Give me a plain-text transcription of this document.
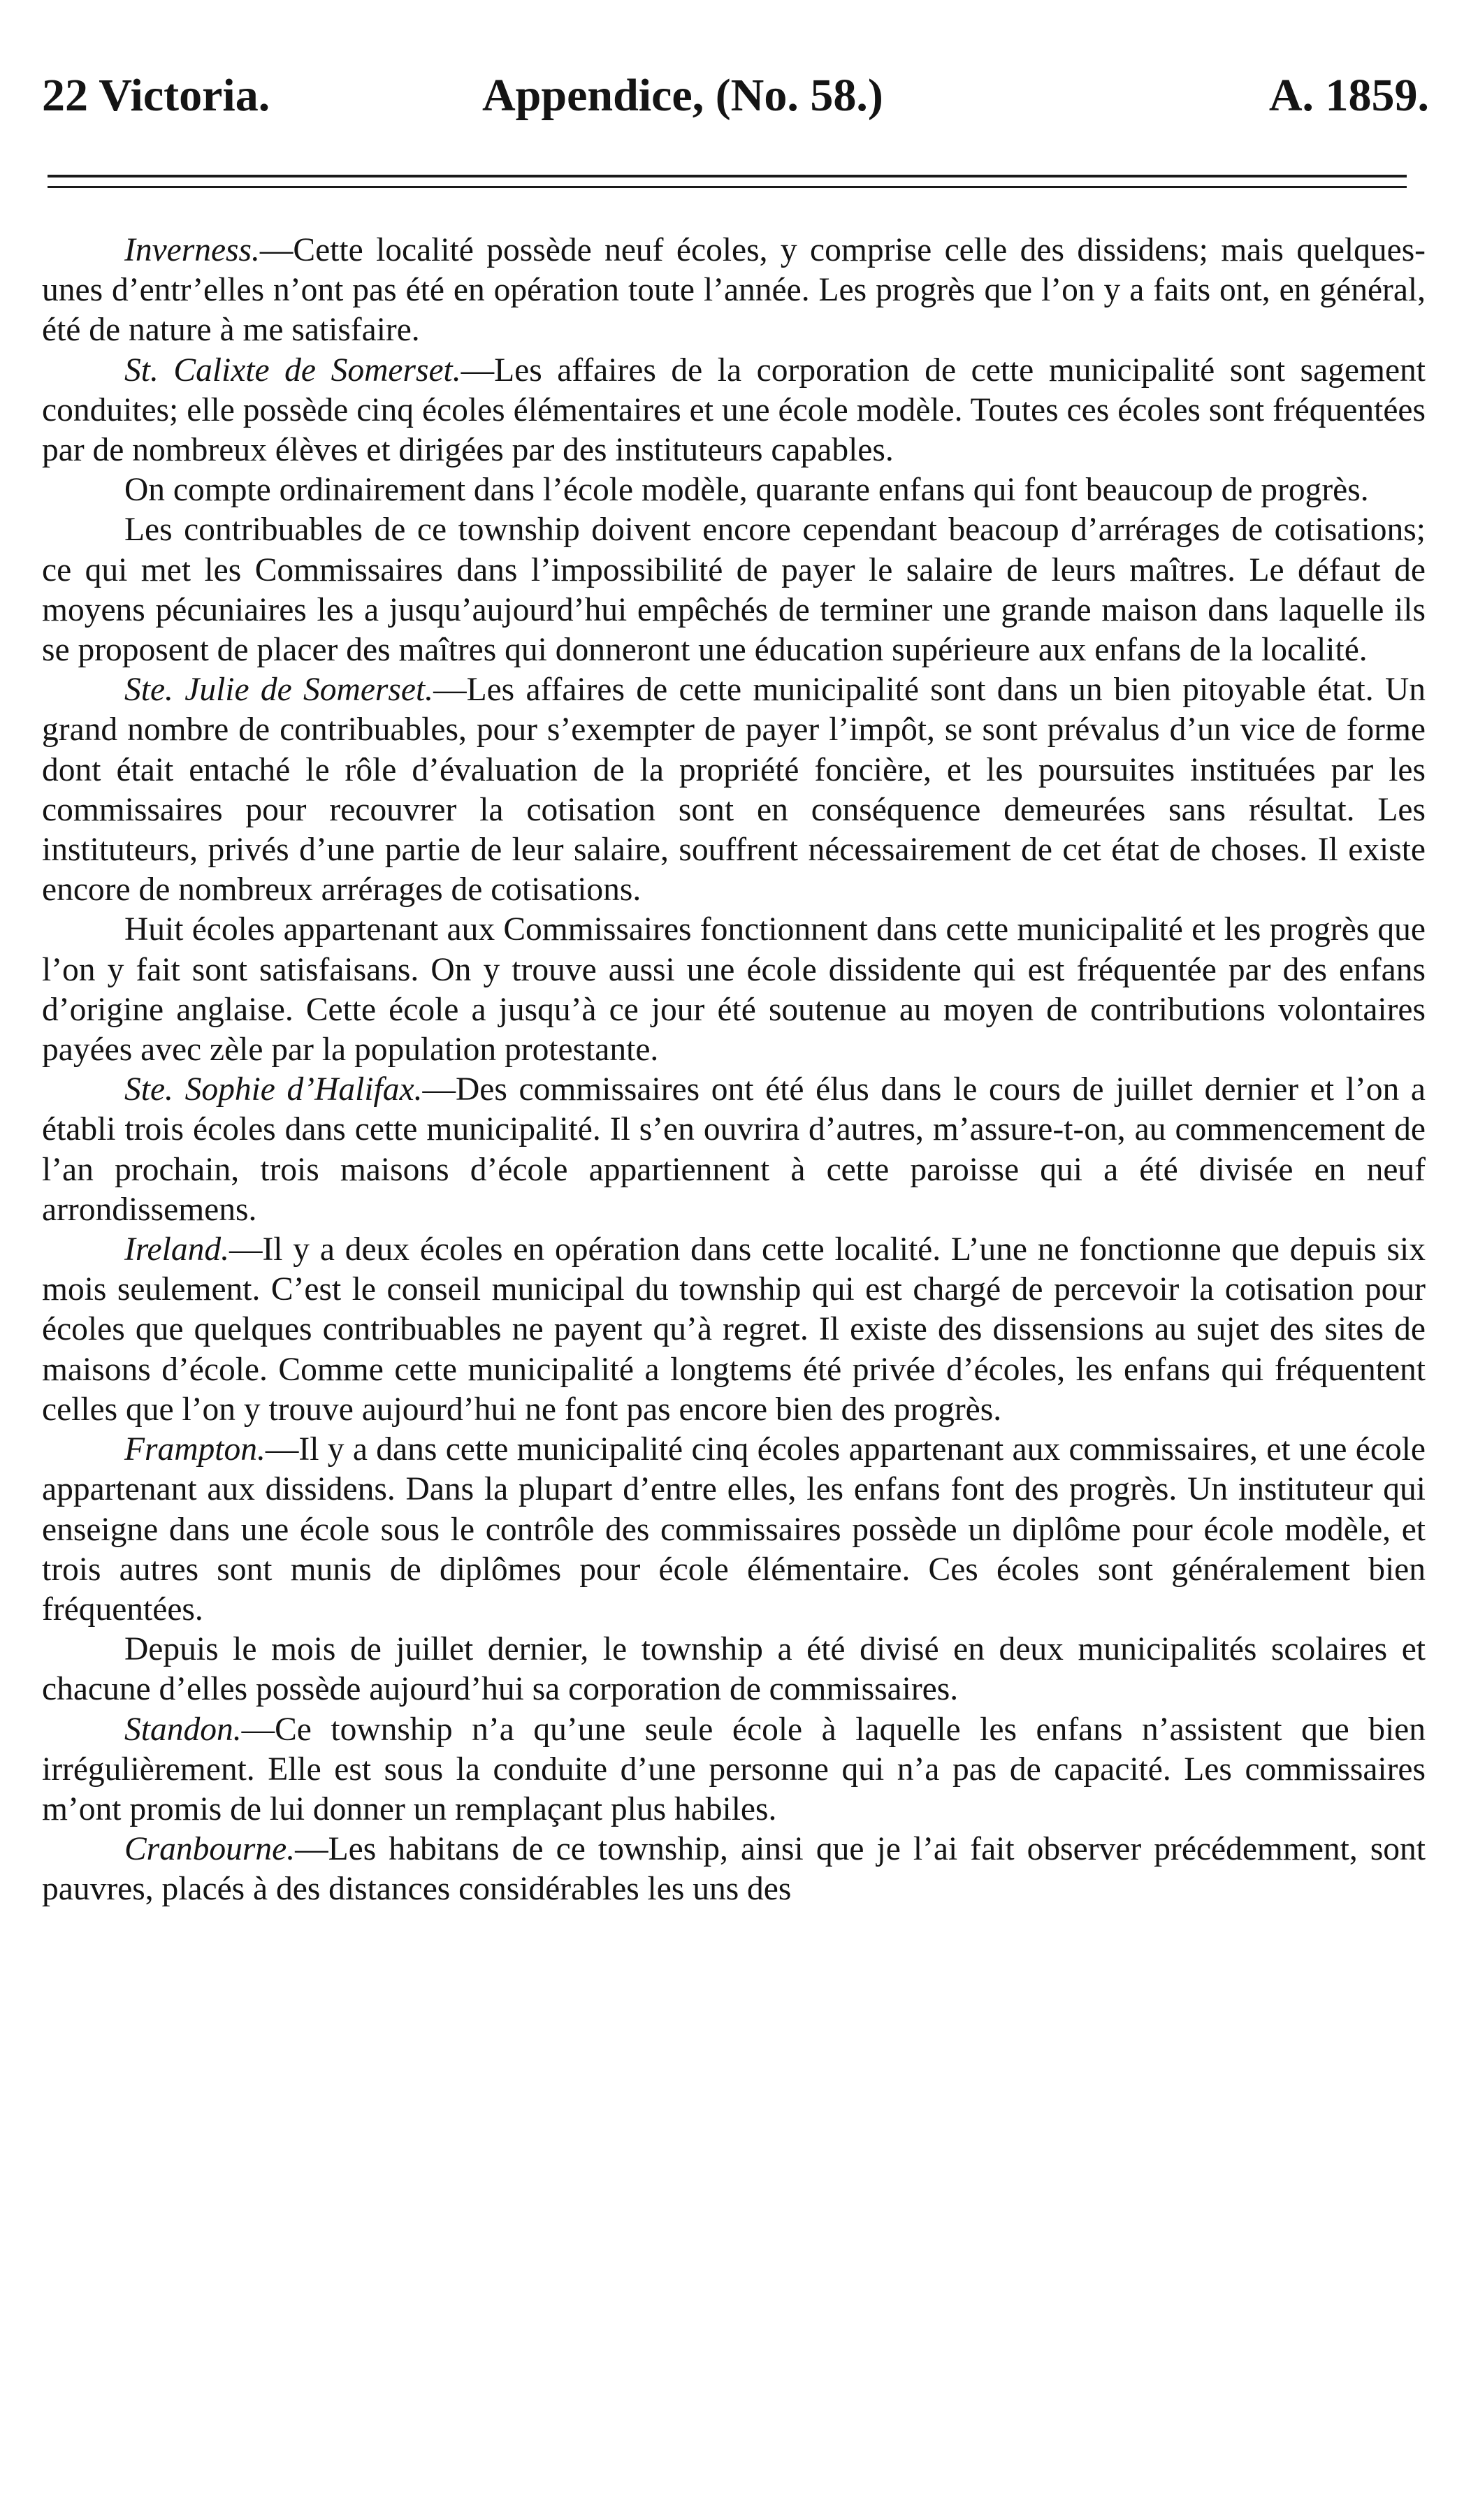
22 Victoria.	Appendice, (No. 58.)	A. 1859.

Inverness.—Cette localité possède neuf écoles, y comprise celle des dissidens; mais quelques-unes d’entr’elles n’ont pas été en opération toute l’année. Les progrès que l’on y a faits ont, en général, été de nature à me satisfaire.

St. Calixte de Somerset.—Les affaires de la corporation de cette municipalité sont sagement conduites; elle possède cinq écoles élémentaires et une école modèle. Toutes ces écoles sont fréquentées par de nombreux élèves et dirigées par des instituteurs capables.

On compte ordinairement dans l’école modèle, quarante enfans qui font beaucoup de progrès.

Les contribuables de ce township doivent encore cependant beacoup d’arrérages de cotisations; ce qui met les Commissaires dans l’impossibilité de payer le salaire de leurs maîtres. Le défaut de moyens pécuniaires les a jusqu’aujourd’hui empêchés de terminer une grande maison dans laquelle ils se proposent de placer des maîtres qui donneront une éducation supérieure aux enfans de la localité.

Ste. Julie de Somerset.—Les affaires de cette municipalité sont dans un bien pitoyable état. Un grand nombre de contribuables, pour s’exempter de payer l’impôt, se sont prévalus d’un vice de forme dont était entaché le rôle d’évaluation de la propriété foncière, et les poursuites instituées par les commissaires pour recouvrer la cotisation sont en conséquence demeurées sans résultat. Les instituteurs, privés d’une partie de leur salaire, souffrent nécessairement de cet état de choses. Il existe encore de nombreux arrérages de cotisations.

Huit écoles appartenant aux Commissaires fonctionnent dans cette municipalité et les progrès que l’on y fait sont satisfaisans. On y trouve aussi une école dissidente qui est fréquentée par des enfans d’origine anglaise. Cette école a jusqu’à ce jour été soutenue au moyen de contributions volontaires payées avec zèle par la population protestante.

Ste. Sophie d’Halifax.—Des commissaires ont été élus dans le cours de juillet dernier et l’on a établi trois écoles dans cette municipalité. Il s’en ouvrira d’autres, m’assure-t-on, au commencement de l’an prochain, trois maisons d’école appartiennent à cette paroisse qui a été divisée en neuf arrondissemens.

Ireland.—Il y a deux écoles en opération dans cette localité. L’une ne fonctionne que depuis six mois seulement. C’est le conseil municipal du township qui est chargé de percevoir la cotisation pour écoles que quelques contribuables ne payent qu’à regret. Il existe des dissensions au sujet des sites de maisons d’école. Comme cette municipalité a longtems été privée d’écoles, les enfans qui fréquentent celles que l’on y trouve aujourd’hui ne font pas encore bien des progrès.

Frampton.—Il y a dans cette municipalité cinq écoles appartenant aux commissaires, et une école appartenant aux dissidens. Dans la plupart d’entre elles, les enfans font des progrès. Un instituteur qui enseigne dans une école sous le contrôle des commissaires possède un diplôme pour école modèle, et trois autres sont munis de diplômes pour école élémentaire. Ces écoles sont généralement bien fréquentées.

Depuis le mois de juillet dernier, le township a été divisé en deux municipalités scolaires et chacune d’elles possède aujourd’hui sa corporation de commissaires.

Standon.—Ce township n’a qu’une seule école à laquelle les enfans n’assistent que bien irrégulièrement. Elle est sous la conduite d’une personne qui n’a pas de capacité. Les commissaires m’ont promis de lui donner un remplaçant plus habiles.

Cranbourne.—Les habitans de ce township, ainsi que je l’ai fait observer précédemment, sont pauvres, placés à des distances considérables les uns des
